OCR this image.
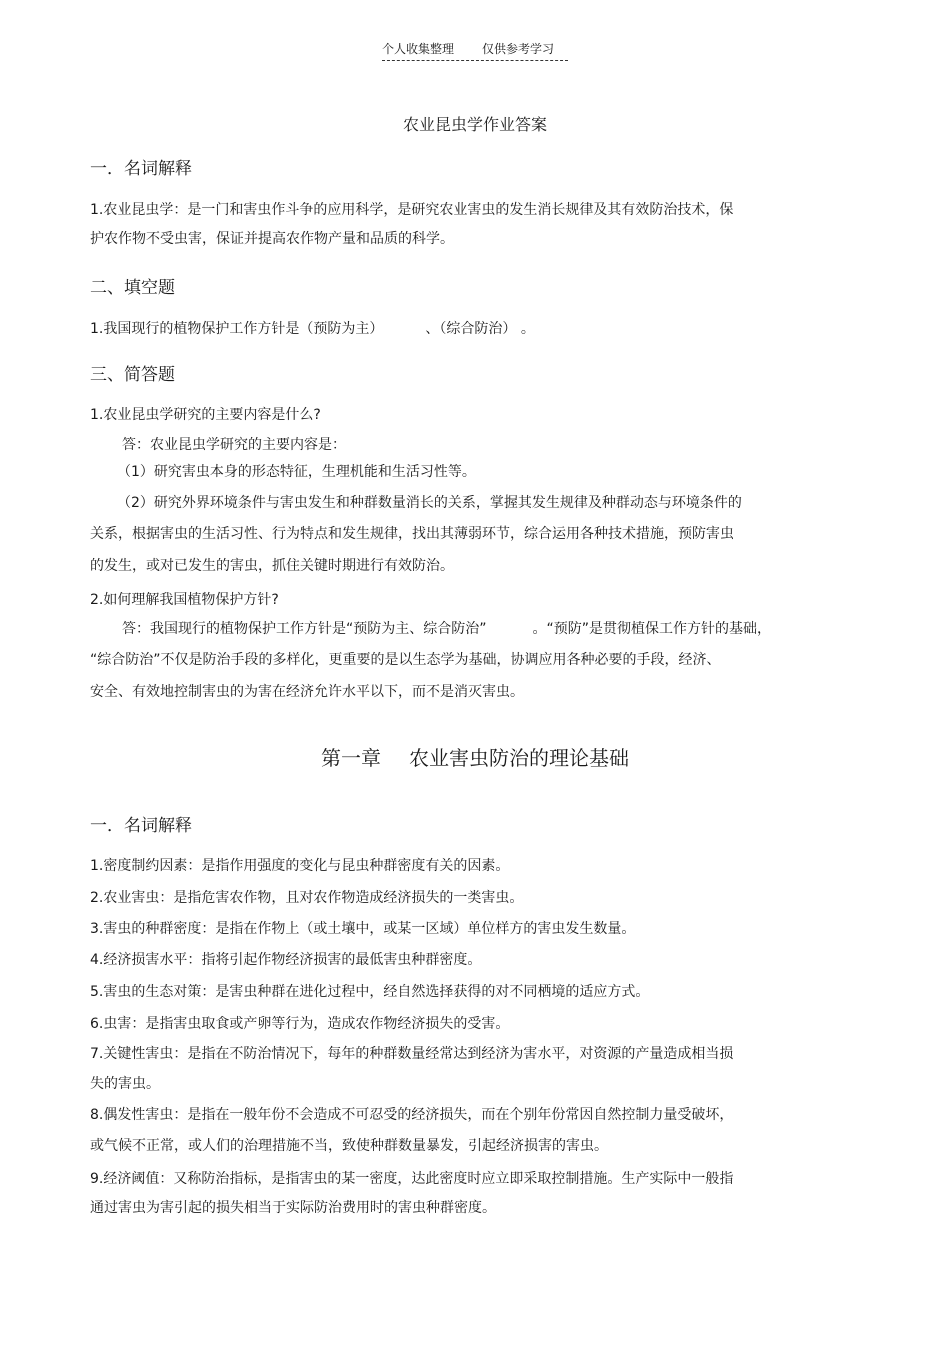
个人收集整理 仅供参考学习
农业昆虫学作业答案
一．名词解释
1.农业昆虫学：是一门和害虫作斗争的应用科学，是研究农业害虫的发生消长规律及其有效防治技术，保
护农作物不受虫害，保证并提高农作物产量和品质的科学。
二、填空题
1.我国现行的植物保护工作方针是（预防为主）	、（综合防治） 。
三、简答题
1.农业昆虫学研究的主要内容是什么?
答：农业昆虫学研究的主要内容是：
（1）研究害虫本身的形态特征，生理机能和生活习性等。
（2）研究外界环境条件与害虫发生和种群数量消长的关系，掌握其发生规律及种群动态与环境条件的
关系，根据害虫的生活习性、行为特点和发生规律，找出其薄弱环节，综合运用各种技术措施，预防害虫
的发生，或对已发生的害虫，抓住关键时期进行有效防治。
2.如何理解我国植物保护方针?
答：我国现行的植物保护工作方针是“预防为主、综合防治”	。“预防”是贯彻植保工作方针的基础，
“综合防治”不仅是防治手段的多样化，更重要的是以生态学为基础，协调应用各种必要的手段，经济、
安全、有效地控制害虫的为害在经济允许水平以下，而不是消灭害虫。
第一章 农业害虫防治的理论基础
一．名词解释
1.密度制约因素：是指作用强度的变化与昆虫种群密度有关的因素。
2.农业害虫：是指危害农作物，且对农作物造成经济损失的一类害虫。
3.害虫的种群密度：是指在作物上（或土壤中，或某一区域）单位样方的害虫发生数量。
4.经济损害水平：指将引起作物经济损害的最低害虫种群密度。
5.害虫的生态对策：是害虫种群在进化过程中，经自然选择获得的对不同栖境的适应方式。
6.虫害：是指害虫取食或产卵等行为，造成农作物经济损失的受害。
7.关键性害虫：是指在不防治情况下，每年的种群数量经常达到经济为害水平，对资源的产量造成相当损
失的害虫。
8.偶发性害虫：是指在一般年份不会造成不可忍受的经济损失，而在个别年份常因自然控制力量受破坏，
或气候不正常，或人们的治理措施不当，致使种群数量暴发，引起经济损害的害虫。
9.经济阈值：又称防治指标，是指害虫的某一密度，达此密度时应立即采取控制措施。生产实际中一般指
通过害虫为害引起的损失相当于实际防治费用时的害虫种群密度。
